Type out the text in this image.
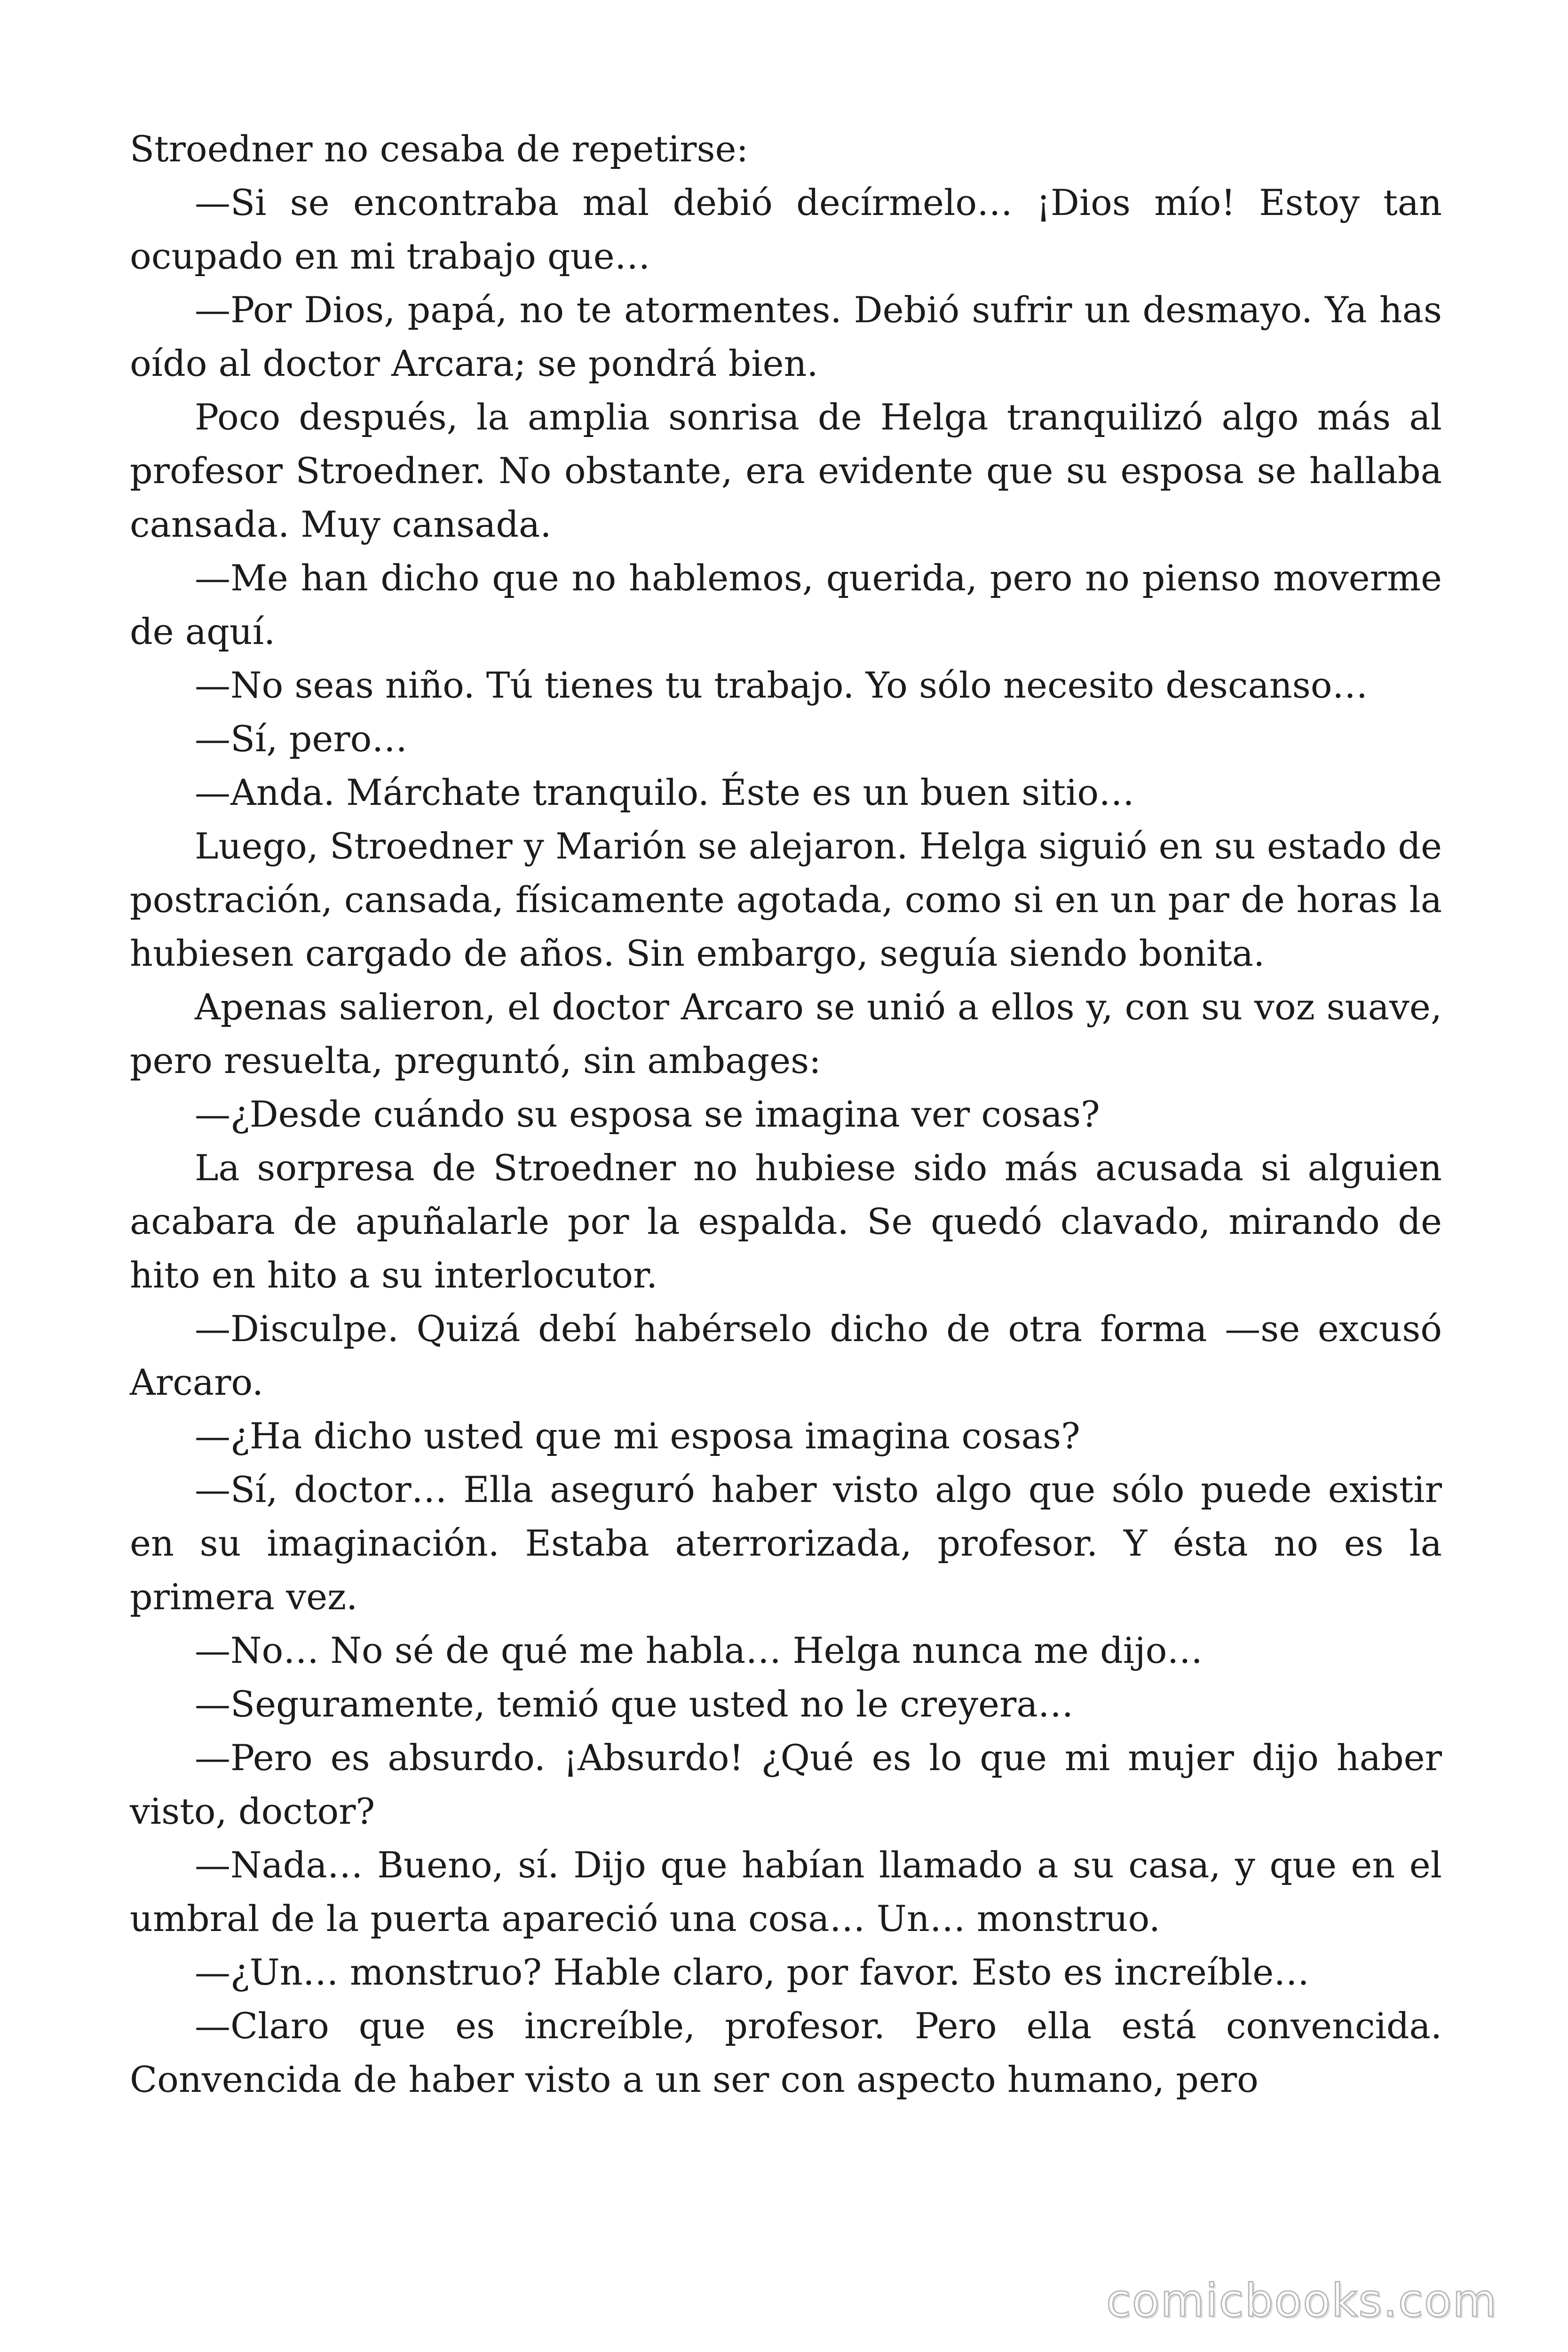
Stroedner no cesaba de repetirse:

—Si se encontraba mal debió decírmelo… ¡Dios mío! Estoy tan ocupado en mi trabajo que…

—Por Dios, papá, no te atormentes. Debió sufrir un desmayo. Ya has oído al doctor Arcara; se pondrá bien.

Poco después, la amplia sonrisa de Helga tranquilizó algo más al profesor Stroedner. No obstante, era evidente que su esposa se hallaba cansada. Muy cansada.

—Me han dicho que no hablemos, querida, pero no pienso moverme de aquí.

—No seas niño. Tú tienes tu trabajo. Yo sólo necesito descanso…

—Sí, pero…

—Anda. Márchate tranquilo. Éste es un buen sitio…

Luego, Stroedner y Marión se alejaron. Helga siguió en su estado de postración, cansada, físicamente agotada, como si en un par de horas la hubiesen cargado de años. Sin embargo, seguía siendo bonita.

Apenas salieron, el doctor Arcaro se unió a ellos y, con su voz suave, pero resuelta, preguntó, sin ambages:

—¿Desde cuándo su esposa se imagina ver cosas?

La sorpresa de Stroedner no hubiese sido más acusada si alguien acabara de apuñalarle por la espalda. Se quedó clavado, mirando de hito en hito a su interlocutor.

—Disculpe. Quizá debí habérselo dicho de otra forma —se excusó Arcaro.

—¿Ha dicho usted que mi esposa imagina cosas?

—Sí, doctor… Ella aseguró haber visto algo que sólo puede existir en su imaginación. Estaba aterrorizada, profesor. Y ésta no es la primera vez.

—No… No sé de qué me habla… Helga nunca me dijo…

—Seguramente, temió que usted no le creyera…

—Pero es absurdo. ¡Absurdo! ¿Qué es lo que mi mujer dijo haber visto, doctor?

—Nada… Bueno, sí. Dijo que habían llamado a su casa, y que en el umbral de la puerta apareció una cosa… Un… monstruo.

—¿Un… monstruo? Hable claro, por favor. Esto es increíble…

—Claro que es increíble, profesor. Pero ella está convencida. Convencida de haber visto a un ser con aspecto humano, pero

comicbooks.com
